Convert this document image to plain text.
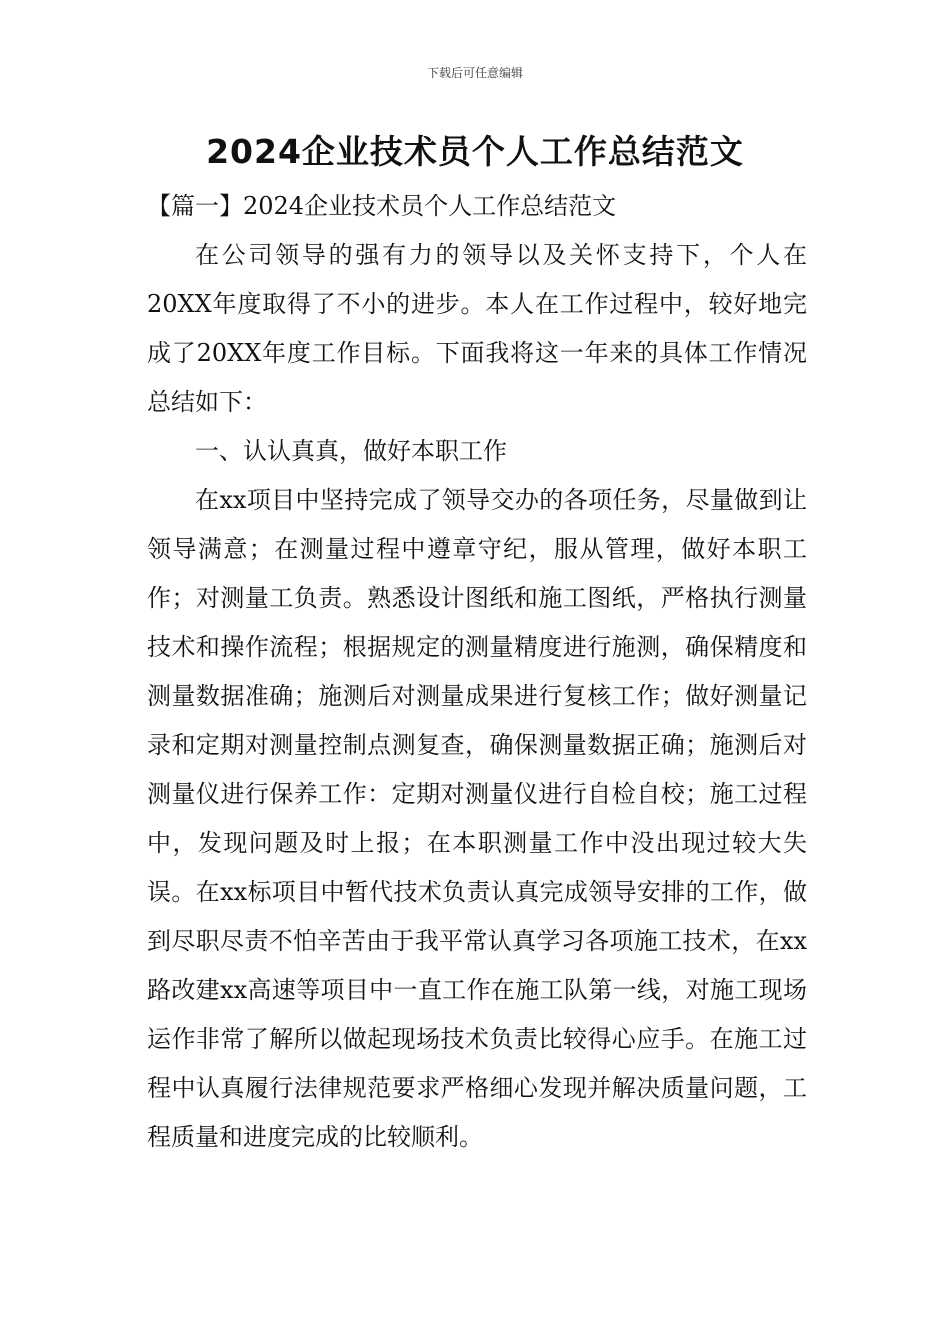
下载后可任意编辑
2024企业技术员个人工作总结范文

【篇一】2024企业技术员个人工作总结范文

在公司领导的强有力的领导以及关怀支持下，个人在20XX年度取得了不小的进步。本人在工作过程中，较好地完成了20XX年度工作目标。下面我将这一年来的具体工作情况总结如下：

一、认认真真，做好本职工作

在xx项目中坚持完成了领导交办的各项任务，尽量做到让领导满意；在测量过程中遵章守纪，服从管理，做好本职工作；对测量工负责。熟悉设计图纸和施工图纸，严格执行测量技术和操作流程；根据规定的测量精度进行施测，确保精度和测量数据准确；施测后对测量成果进行复核工作；做好测量记录和定期对测量控制点测复查，确保测量数据正确；施测后对测量仪进行保养工作：定期对测量仪进行自检自校；施工过程中，发现问题及时上报；在本职测量工作中没出现过较大失误。在xx标项目中暂代技术负责认真完成领导安排的工作，做到尽职尽责不怕辛苦由于我平常认真学习各项施工技术，在xx路改建xx高速等项目中一直工作在施工队第一线，对施工现场运作非常了解所以做起现场技术负责比较得心应手。在施工过程中认真履行法律规范要求严格细心发现并解决质量问题，工程质量和进度完成的比较顺利。
